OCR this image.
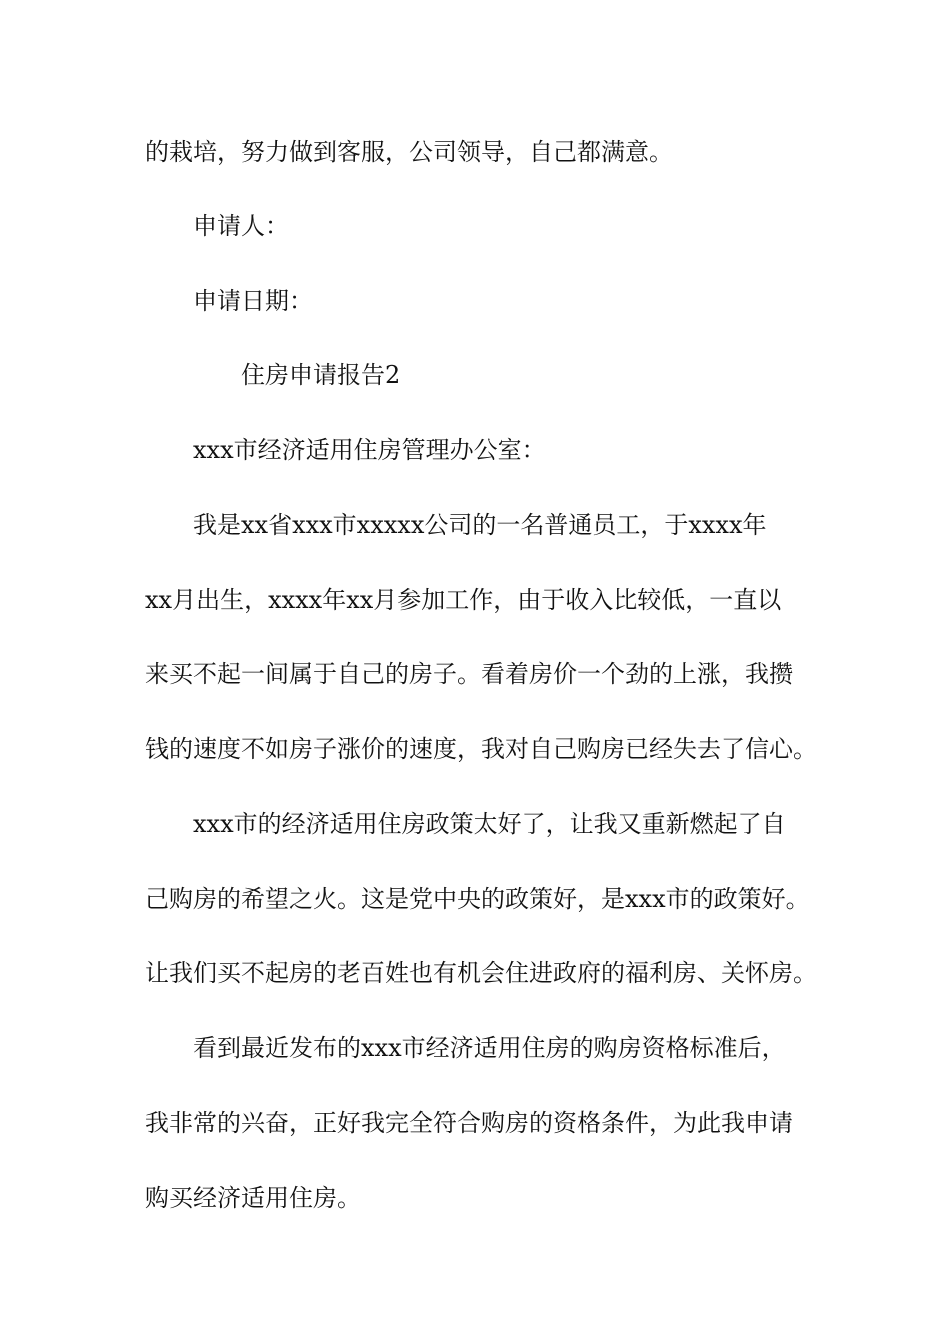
的栽培，努力做到客服，公司领导，自己都满意。
申请人：
申请日期：
住房申请报告2
xxx市经济适用住房管理办公室：
我是xx省xxx市xxxxx公司的一名普通员工，于xxxx年
xx月出生，xxxx年xx月参加工作，由于收入比较低，一直以
来买不起一间属于自己的房子。看着房价一个劲的上涨，我攒
钱的速度不如房子涨价的速度，我对自己购房已经失去了信心。
xxx市的经济适用住房政策太好了，让我又重新燃起了自
己购房的希望之火。这是党中央的政策好，是xxx市的政策好。
让我们买不起房的老百姓也有机会住进政府的福利房、关怀房。
看到最近发布的xxx市经济适用住房的购房资格标准后，
我非常的兴奋，正好我完全符合购房的资格条件，为此我申请
购买经济适用住房。
